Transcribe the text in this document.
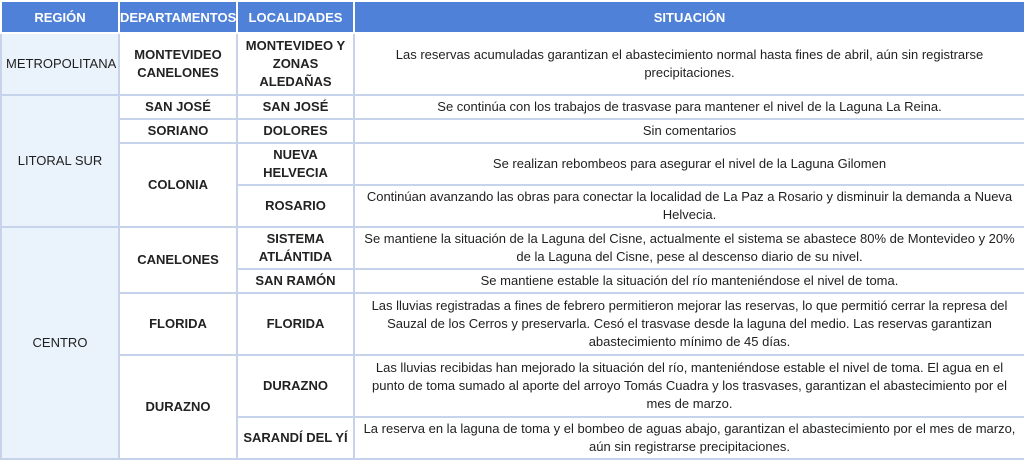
REGIÓN	DEPARTAMENTOS	LOCALIDADES	SITUACIÓN
METROPOLITANA	MONTEVIDEO CANELONES	MONTEVIDEO Y ZONAS ALEDAÑAS	Las reservas acumuladas garantizan el abastecimiento normal hasta fines de abril, aún sin registrarse precipitaciones.
LITORAL SUR	SAN JOSÉ	SAN JOSÉ	Se continúa con los trabajos de trasvase para mantener el nivel de la Laguna La Reina.
	SORIANO	DOLORES	Sin comentarios
	COLONIA	NUEVA HELVECIA	Se realizan rebombeos para asegurar el nivel de la Laguna Gilomen
		ROSARIO	Continúan avanzando las obras para conectar la localidad de La Paz a Rosario y disminuir la demanda a Nueva Helvecia.
CENTRO	CANELONES	SISTEMA ATLÁNTIDA	Se mantiene la situación de la Laguna del Cisne, actualmente el sistema se abastece 80% de Montevideo y 20% de la Laguna del Cisne, pese al descenso diario de su nivel.
		SAN RAMÓN	Se mantiene estable la situación del río manteniéndose el nivel de toma.
	FLORIDA	FLORIDA	Las lluvias registradas a fines de febrero permitieron mejorar las reservas, lo que permitió cerrar la represa del Sauzal de los Cerros y preservarla. Cesó el trasvase desde la laguna del medio. Las reservas garantizan abastecimiento mínimo de 45 días.
	DURAZNO	DURAZNO	Las lluvias recibidas han mejorado la situación del río, manteniéndose estable el nivel de toma. El agua en el punto de toma sumado al aporte del arroyo Tomás Cuadra y los trasvases, garantizan el abastecimiento por el mes de marzo.
		SARANDÍ DEL YÍ	La reserva en la laguna de toma y el bombeo de aguas abajo, garantizan el abastecimiento por el mes de marzo, aún sin registrarse precipitaciones.
